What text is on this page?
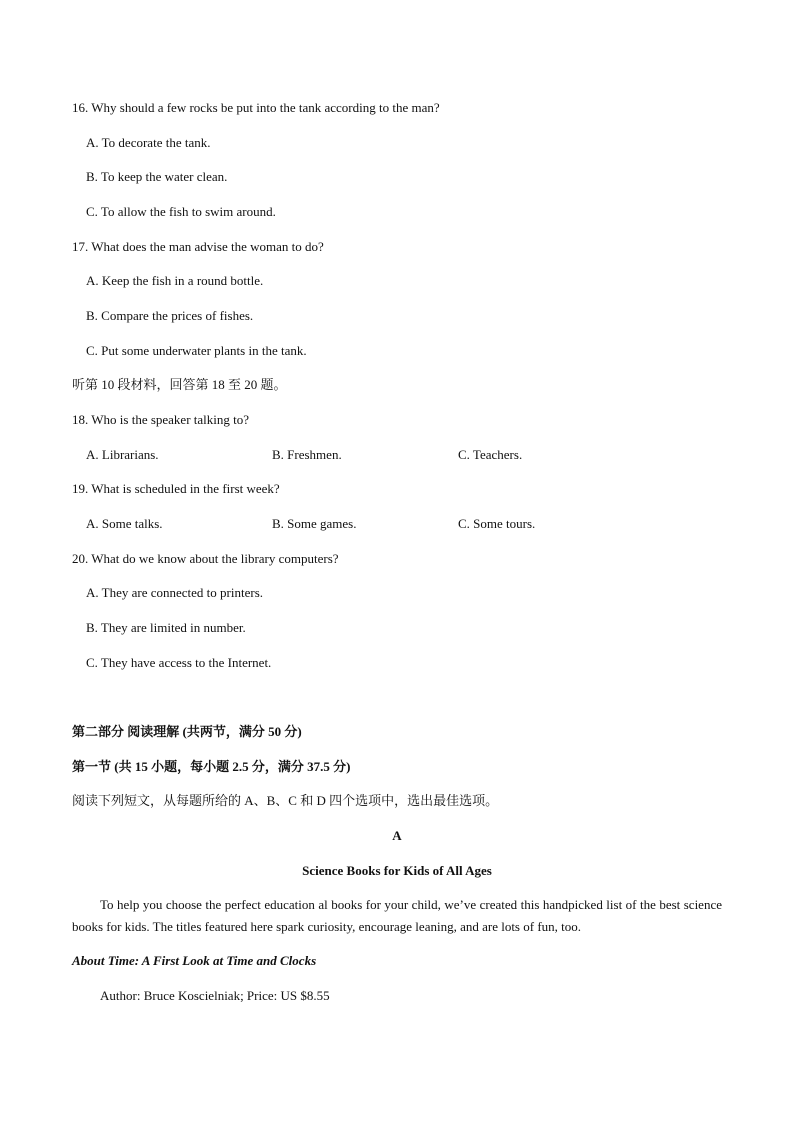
16. Why should a few rocks be put into the tank according to the man?
A. To decorate the tank.
B. To keep the water clean.
C. To allow the fish to swim around.
17. What does the man advise the woman to do?
A. Keep the fish in a round bottle.
B. Compare the prices of fishes.
C. Put some underwater plants in the tank.
听第 10 段材料，回答第 18 至 20 题。
18. Who is the speaker talking to?
A. Librarians.	B. Freshmen.	C. Teachers.
19. What is scheduled in the first week?
A. Some talks.	B. Some games.	C. Some tours.
20. What do we know about the library computers?
A. They are connected to printers.
B. They are limited in number.
C. They have access to the Internet.
第二部分 阅读理解 (共两节，满分 50 分)
第一节 (共 15 小题，每小题 2.5 分，满分 37.5 分)
阅读下列短文，从每题所给的 A、B、C 和 D 四个选项中，选出最佳选项。
A
Science Books for Kids of All Ages
To help you choose the perfect education al books for your child, we’ve created this handpicked list of the best science books for kids. The titles featured here spark curiosity, encourage leaning, and are lots of fun, too.
About Time: A First Look at Time and Clocks
Author: Bruce Koscielniak; Price: US $8.55
